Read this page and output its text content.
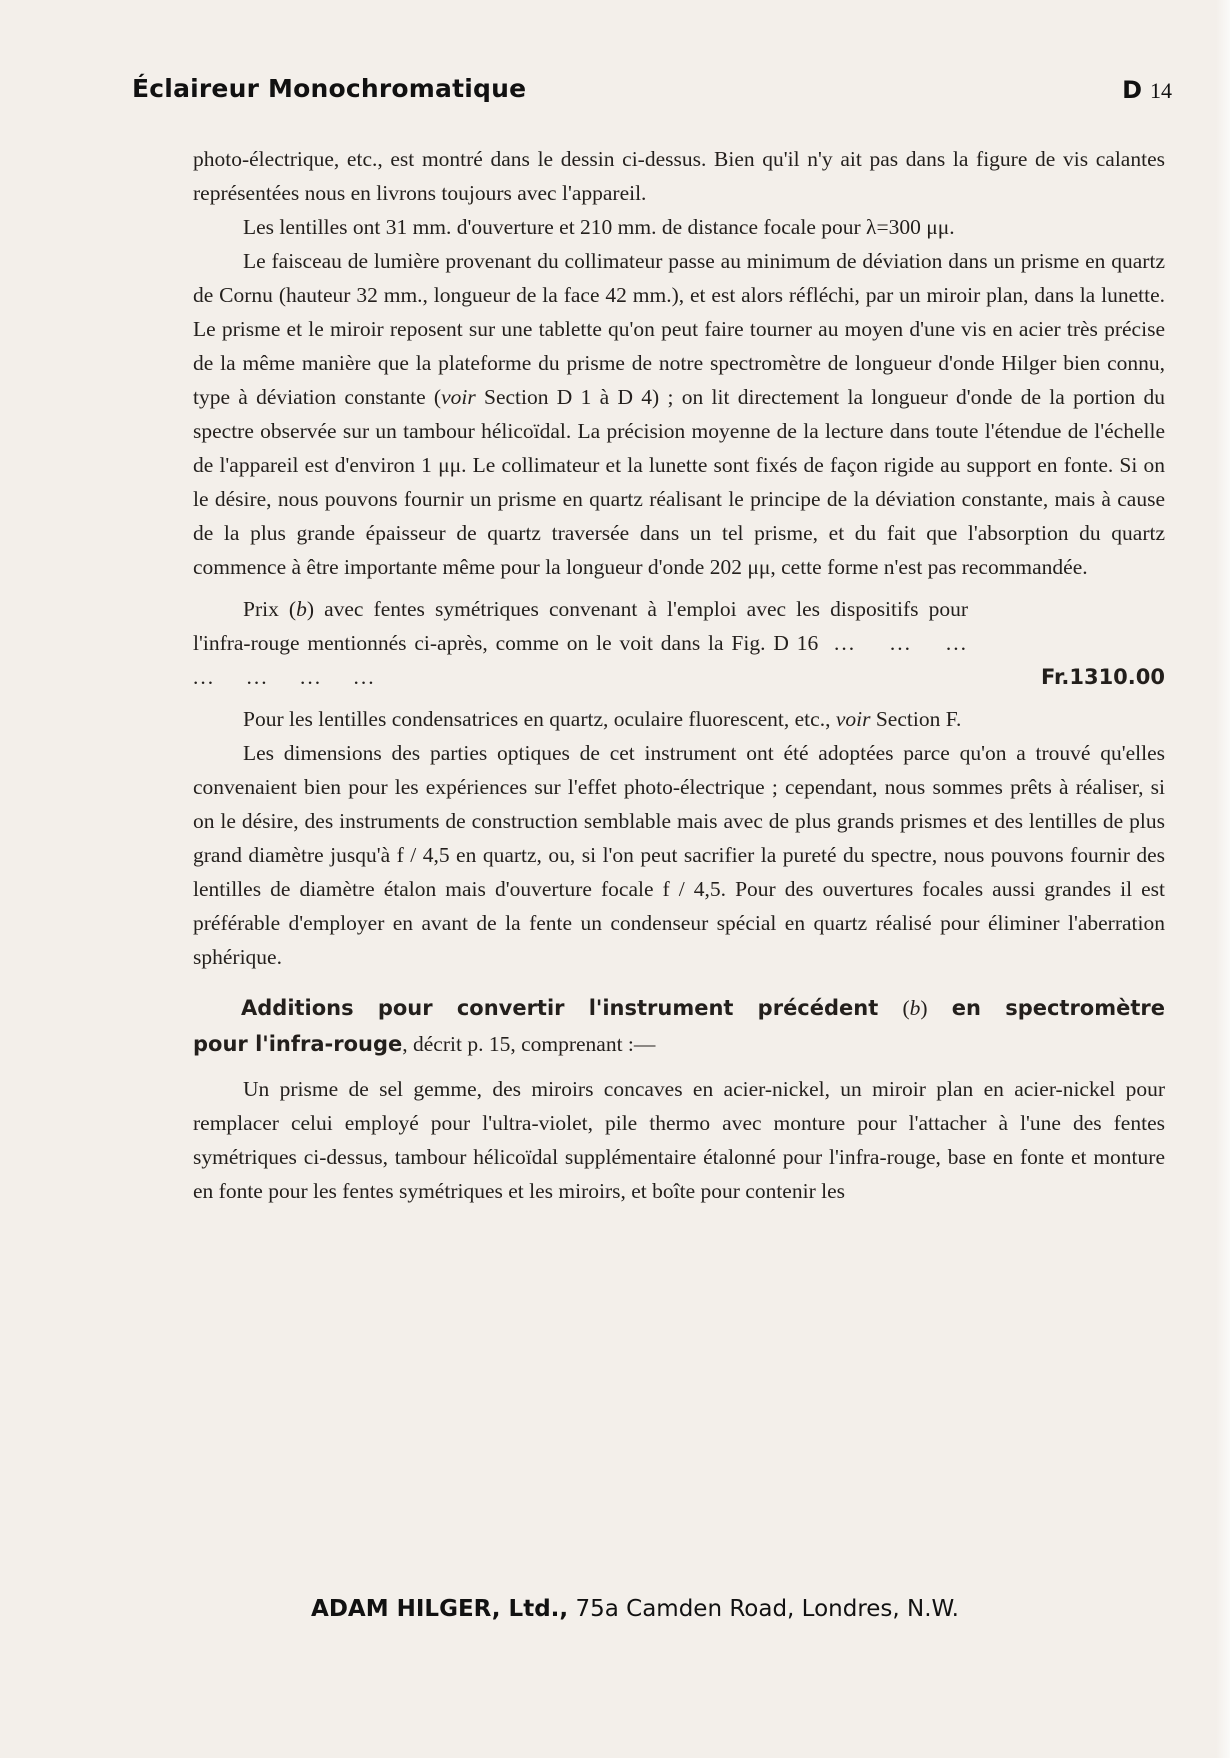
Éclaireur Monochromatique	D 14

photo-électrique, etc., est montré dans le dessin ci-dessus. Bien qu'il n'y ait pas dans la figure de vis calantes représentées nous en livrons toujours avec l'appareil.

Les lentilles ont 31 mm. d'ouverture et 210 mm. de distance focale pour λ=300 μμ.

Le faisceau de lumière provenant du collimateur passe au minimum de déviation dans un prisme en quartz de Cornu (hauteur 32 mm., longueur de la face 42 mm.), et est alors réfléchi, par un miroir plan, dans la lunette. Le prisme et le miroir reposent sur une tablette qu'on peut faire tourner au moyen d'une vis en acier très précise de la même manière que la plateforme du prisme de notre spectromètre de longueur d'onde Hilger bien connu, type à déviation constante (voir Section D 1 à D 4) ; on lit directement la longueur d'onde de la portion du spectre observée sur un tambour hélicoïdal. La précision moyenne de la lecture dans toute l'étendue de l'échelle de l'appareil est d'environ 1 μμ. Le collimateur et la lunette sont fixés de façon rigide au support en fonte. Si on le désire, nous pouvons fournir un prisme en quartz réalisant le principe de la déviation constante, mais à cause de la plus grande épaisseur de quartz traversée dans un tel prisme, et du fait que l'absorption du quartz commence à être importante même pour la longueur d'onde 202 μμ, cette forme n'est pas recommandée.

Prix (b) avec fentes symétriques convenant à l'emploi avec les dispositifs pour l'infra-rouge mentionnés ci-après, comme on le voit dans la Fig. D 16 ... ... ... ... ... ... ...	Fr.1310.00

Pour les lentilles condensatrices en quartz, oculaire fluorescent, etc., voir Section F.

Les dimensions des parties optiques de cet instrument ont été adoptées parce qu'on a trouvé qu'elles convenaient bien pour les expériences sur l'effet photo-électrique ; cependant, nous sommes prêts à réaliser, si on le désire, des instruments de construction semblable mais avec de plus grands prismes et des lentilles de plus grand diamètre jusqu'à f / 4,5 en quartz, ou, si l'on peut sacrifier la pureté du spectre, nous pouvons fournir des lentilles de diamètre étalon mais d'ouverture focale f / 4,5. Pour des ouvertures focales aussi grandes il est préférable d'employer en avant de la fente un condenseur spécial en quartz réalisé pour éliminer l'aberration sphérique.

Additions pour convertir l'instrument précédent (b) en spectromètre
pour l'infra-rouge, décrit p. 15, comprenant :—

Un prisme de sel gemme, des miroirs concaves en acier-nickel, un miroir plan en acier-nickel pour remplacer celui employé pour l'ultra-violet, pile thermo avec monture pour l'attacher à l'une des fentes symétriques ci-dessus, tambour hélicoïdal supplémentaire étalonné pour l'infra-rouge, base en fonte et monture en fonte pour les fentes symétriques et les miroirs, et boîte pour contenir les

ADAM HILGER, Ltd., 75a Camden Road, Londres, N.W.
